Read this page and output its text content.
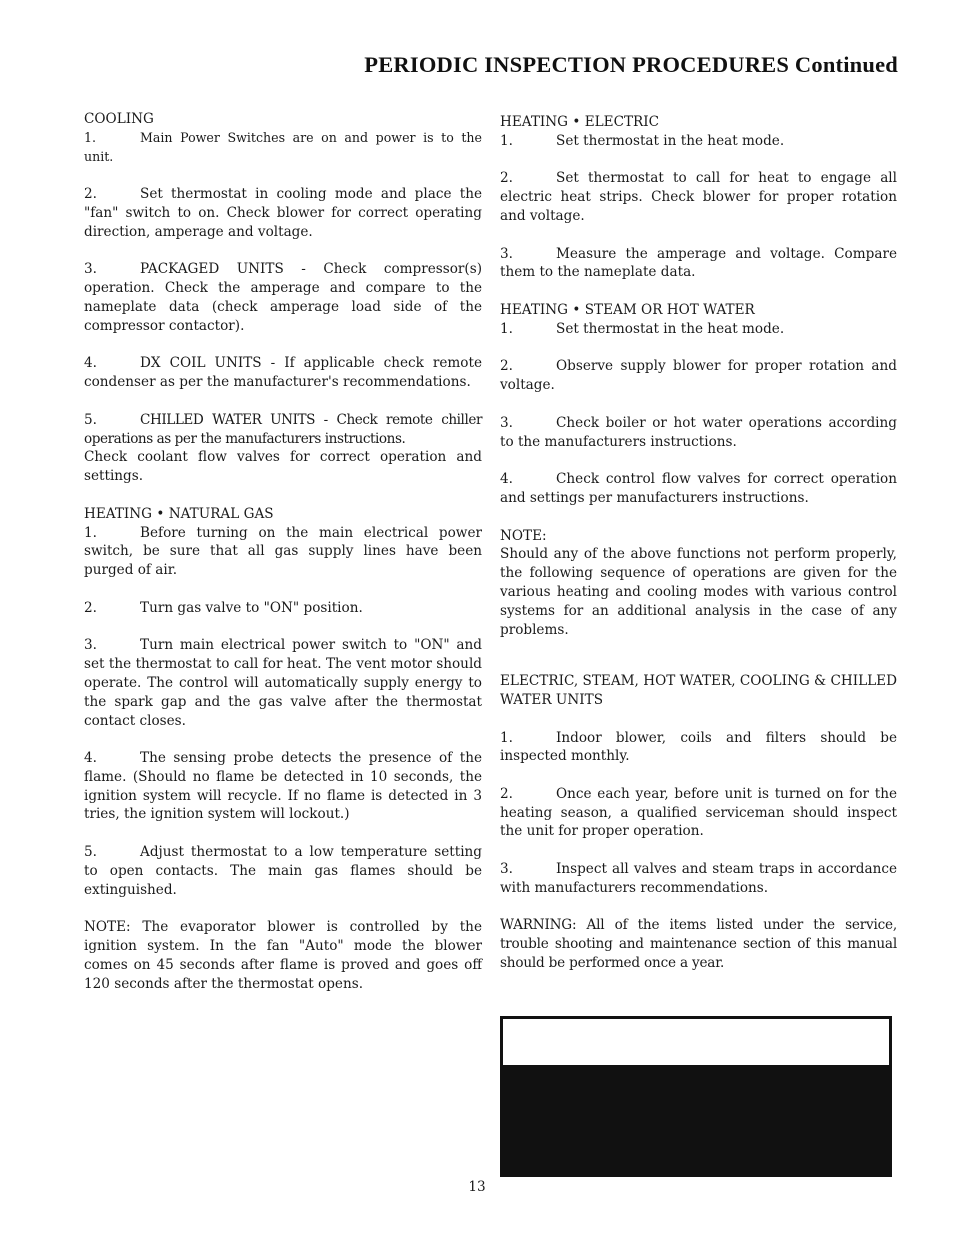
PERIODIC INSPECTION PROCEDURES Continued

COOLING

1.	Main Power Switches are on and power is to the unit.

2.	Set thermostat in cooling mode and place the "fan" switch to on. Check blower for correct operating direction, amperage and voltage.

3.	PACKAGED UNITS - Check compressor(s) operation. Check the amperage and compare to the nameplate data (check amperage load side of the compressor contactor).

4.	DX COIL UNITS - If applicable check remote condenser as per the manufacturer's recommendations.

5.	CHILLED WATER UNITS - Check remote chiller operations as per the manufacturers instructions.

Check coolant flow valves for correct operation and settings.

HEATING • NATURAL GAS

1.	Before turning on the main electrical power switch, be sure that all gas supply lines have been purged of air.

2.	Turn gas valve to "ON" position.

3.	Turn main electrical power switch to "ON" and set the thermostat to call for heat. The vent motor should operate. The control will automatically supply energy to the spark gap and the gas valve after the thermostat contact closes.

4.	The sensing probe detects the presence of the flame. (Should no flame be detected in 10 seconds, the ignition system will recycle. If no flame is detected in 3 tries, the ignition system will lockout.)

5.	Adjust thermostat to a low temperature setting to open contacts. The main gas flames should be extinguished.

NOTE: The evaporator blower is controlled by the ignition system. In the fan "Auto" mode the blower comes on 45 seconds after flame is proved and goes off 120 seconds after the thermostat opens.

HEATING • ELECTRIC

1.	Set thermostat in the heat mode.

2.	Set thermostat to call for heat to engage all electric heat strips. Check blower for proper rotation and voltage.

3.	Measure the amperage and voltage. Compare them to the nameplate data.

HEATING • STEAM OR HOT WATER

1.	Set thermostat in the heat mode.

2.	Observe supply blower for proper rotation and voltage.

3.	Check boiler or hot water operations according to the manufacturers instructions.

4.	Check control flow valves for correct operation and settings per manufacturers instructions.

NOTE:

Should any of the above functions not perform properly, the following sequence of operations are given for the various heating and cooling modes with various control systems for an additional analysis in the case of any problems.

ELECTRIC, STEAM, HOT WATER, COOLING & CHILLED WATER UNITS

1.	Indoor blower, coils and filters should be inspected monthly.

2.	Once each year, before unit is turned on for the heating season, a qualified serviceman should inspect the unit for proper operation.

3.	Inspect all valves and steam traps in accordance with manufacturers recommendations.

WARNING: All of the items listed under the service, trouble shooting and maintenance section of this manual should be performed once a year.

13
